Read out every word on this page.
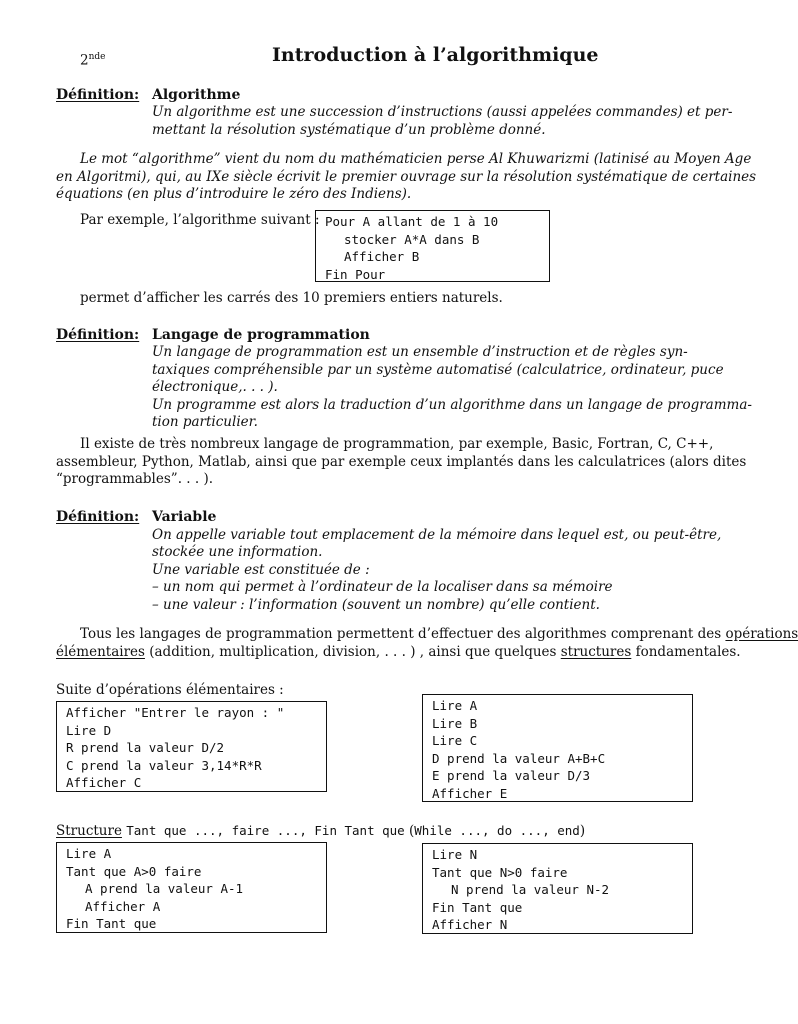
2nde	Introduction à l’algorithmique
Définition: Algorithme
Un algorithme est une succession d’instructions (aussi appelées commandes) et per-
mettant la résolution systématique d’un problème donné.
Le mot “algorithme” vient du nom du mathématicien perse Al Khuwarizmi (latinisé au Moyen Age
en Algoritmi), qui, au IXe siècle écrivit le premier ouvrage sur la résolution systématique de certaines
équations (en plus d’introduire le zéro des Indiens).
Par exemple, l’algorithme suivant : Pour A allant de 1 à 10
stocker A*A dans B
Afficher B
Fin Pour
permet d’afficher les carrés des 10 premiers entiers naturels.
Définition: Langage de programmation
Un langage de programmation est un ensemble d’instruction et de règles syn-
taxiques compréhensible par un système automatisé (calculatrice, ordinateur, puce
électronique,. . . ).
Un programme est alors la traduction d’un algorithme dans un langage de programma-
tion particulier.
Il existe de très nombreux langage de programmation, par exemple, Basic, Fortran, C, C++,
assembleur, Python, Matlab, ainsi que par exemple ceux implantés dans les calculatrices (alors dites
“programmables”. . . ).
Définition: Variable
On appelle variable tout emplacement de la mémoire dans lequel est, ou peut-être,
stockée une information.
Une variable est constituée de :
– un nom qui permet à l’ordinateur de la localiser dans sa mémoire
– une valeur : l’information (souvent un nombre) qu’elle contient.
Tous les langages de programmation permettent d’effectuer des algorithmes comprenant des opérations
élémentaires (addition, multiplication, division, . . . ) , ainsi que quelques structures fondamentales.
Suite d’opérations élémentaires :
Afficher "Entrer le rayon : "
Lire D
R prend la valeur D/2
C prend la valeur 3,14*R*R
Afficher C
Lire A
Lire B
Lire C
D prend la valeur A+B+C
E prend la valeur D/3
Afficher E
Structure Tant que ..., faire ..., Fin Tant que (While ..., do ..., end)
Lire A
Tant que A>0 faire
A prend la valeur A-1
Afficher A
Fin Tant que
Lire N
Tant que N>0 faire
N prend la valeur N-2
Fin Tant que
Afficher N
